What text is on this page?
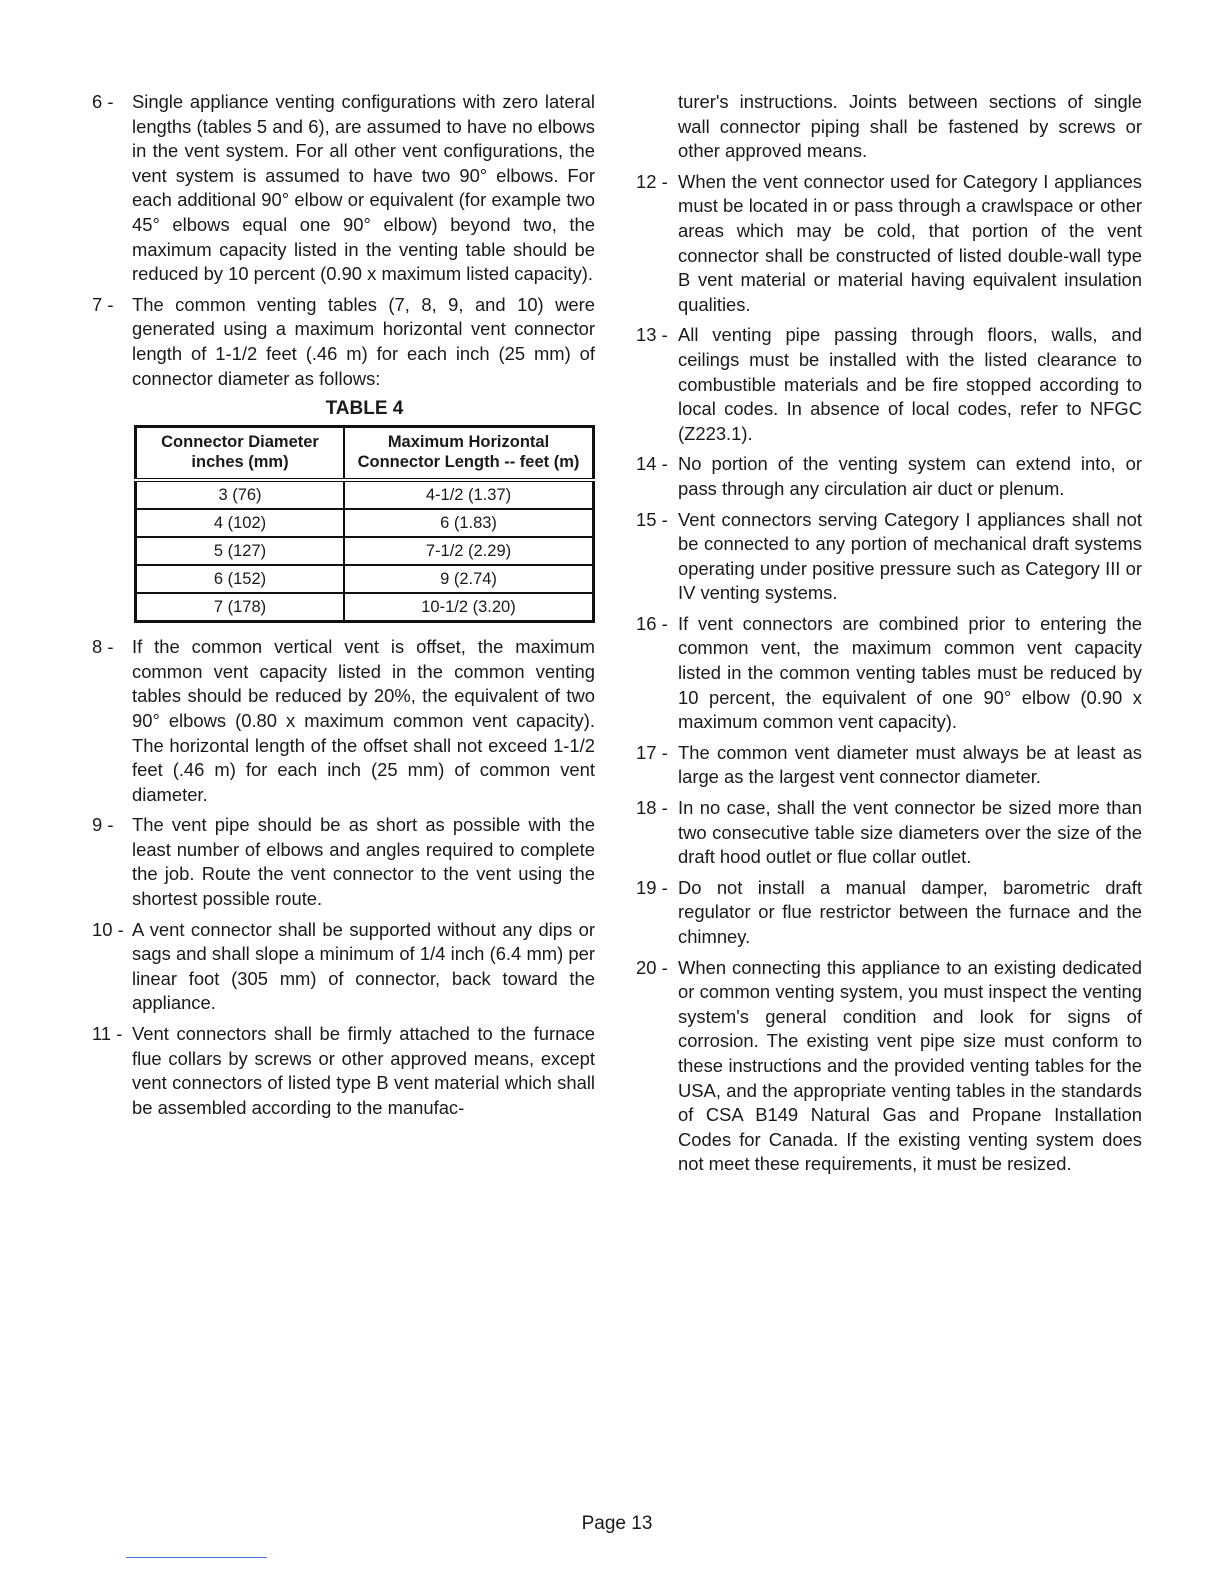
6 -	Single appliance venting configurations with zero lateral lengths (tables 5 and 6), are assumed to have no elbows in the vent system. For all other vent configurations, the vent system is assumed to have two 90° elbows. For each additional 90° elbow or equivalent (for example two 45° elbows equal one 90° elbow) beyond two, the maximum capacity listed in the venting table should be reduced by 10 percent (0.90 x maximum listed capacity).
7 -	The common venting tables (7, 8, 9, and 10) were generated using a maximum horizontal vent connector length of 1-1/2 feet (.46 m) for each inch (25 mm) of connector diameter as follows:
TABLE 4
Connector Diameter inches (mm)	Maximum Horizontal Connector Length -- feet (m)
3 (76)	4-1/2 (1.37)
4 (102)	6 (1.83)
5 (127)	7-1/2 (2.29)
6 (152)	9 (2.74)
7 (178)	10-1/2 (3.20)
8 -	If the common vertical vent is offset, the maximum common vent capacity listed in the common venting tables should be reduced by 20%, the equivalent of two 90° elbows (0.80 x maximum common vent capacity). The horizontal length of the offset shall not exceed 1-1/2 feet (.46 m) for each inch (25 mm) of common vent diameter.
9 -	The vent pipe should be as short as possible with the least number of elbows and angles required to complete the job. Route the vent connector to the vent using the shortest possible route.
10 - A vent connector shall be supported without any dips or sags and shall slope a minimum of 1/4 inch (6.4 mm) per linear foot (305 mm) of connector, back toward the appliance.
11 - Vent connectors shall be firmly attached to the furnace flue collars by screws or other approved means, except vent connectors of listed type B vent material which shall be assembled according to the manufac-
turer's instructions. Joints between sections of single wall connector piping shall be fastened by screws or other approved means.
12 - When the vent connector used for Category I appliances must be located in or pass through a crawlspace or other areas which may be cold, that portion of the vent connector shall be constructed of listed double-wall type B vent material or material having equivalent insulation qualities.
13 - All venting pipe passing through floors, walls, and ceilings must be installed with the listed clearance to combustible materials and be fire stopped according to local codes. In absence of local codes, refer to NFGC (Z223.1).
14 - No portion of the venting system can extend into, or pass through any circulation air duct or plenum.
15 - Vent connectors serving Category I appliances shall not be connected to any portion of mechanical draft systems operating under positive pressure such as Category III or IV venting systems.
16 - If vent connectors are combined prior to entering the common vent, the maximum common vent capacity listed in the common venting tables must be reduced by 10 percent, the equivalent of one 90° elbow (0.90 x maximum common vent capacity).
17 - The common vent diameter must always be at least as large as the largest vent connector diameter.
18 - In no case, shall the vent connector be sized more than two consecutive table size diameters over the size of the draft hood outlet or flue collar outlet.
19 - Do not install a manual damper, barometric draft regulator or flue restrictor between the furnace and the chimney.
20 - When connecting this appliance to an existing dedicated or common venting system, you must inspect the venting system's general condition and look for signs of corrosion. The existing vent pipe size must conform to these instructions and the provided venting tables for the USA, and the appropriate venting tables in the standards of CSA B149 Natural Gas and Propane Installation Codes for Canada. If the existing venting system does not meet these requirements, it must be resized.
Page 13
